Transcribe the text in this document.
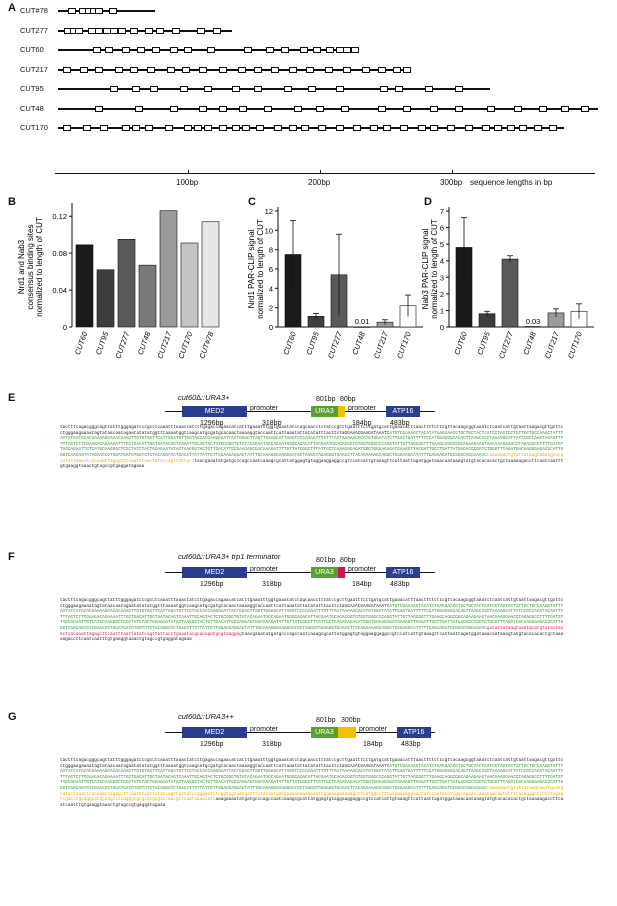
A CUT#78
CUT277
CUT60
CUT217
CUT95
CUT48
CUT170
100bp	200bp	300bp sequence lengths in bp
B	C	D
Nrd1 and Nab3 consensus binding sites normalized to length of CUT
0
0.04
0.08
0.12
CUT60 CUT95 CUT277 CUT48 CUT217 CUT170 CUT#78
Nrd1 PAR-CLIP signal normalized to length of CUT
0
2
4
6
8
10
12
CUT60 CUT95 CUT277
0.01
CUT48 CUT217 CUT170
Nab3 PAR-CLIP signal normalized to length of CUT
0
1
2
3
4
5
6
7
CUT60 CUT95 CUT277
0.03
CUT48 CUT217 CUT170
E	cut60∆::URA3+
MED2	promoter	URA3	promoter	ATP16
801bp 80bp
1296bp	318bp	184bp	483bp
tactttcagacgggcagttatttgggagatcccgcctcaaatttaaactatcttgagaccagaacatcatttgaaatttggtgaaatatccagcaacctctatccgcttgaatttcttgatgcattgaaacatttaacttttcttcgttacaagcggtaaatctcaatcattgtaattaagacgttgcttcctgggaagaaaatagtataacaatagaatatatatggtttaaaatggtcaagcatgcgatgcacaactaaaaggtaccaattcattaaatattatatatttacttctaGGAAACGAAGATAAATCATGTCGAAAGCTACATATAAGGAACGTGCTGCTACTCATCCTAGTCCTGTTGCTGCCAAGCTATTTAATATCATGCACGAAAAGCAAACAAACTTGTGTGCTTCATTGGATGTTCGTACCACCAAGGAATTACTGGAGTTAGTTGAAGCATTAGGTCCCAAAATTTGTTTACTAAAAACACATGTGGATATCTTGACTGATTTTTCCATGGAGGGCACAGTTAAGCCGCTAAAGGCATTATCCGCCAAGTACAATTTTTTACTCTTCGAAGACAGAAAATTTGCTGACATTGGTAATACAGTCAAATTGCAGTACTCTGCGGGTGTATACAGAATAGCAGAATGGGCAGACATTACGAATGCACACGGTGTGGTGGGCCCAGGTATTGTTAGCGGTTTGAAGCAGGCGGCAGAAGAAGTAACAAAGGAACCTAGAGGCCTTTTGATGTTAGCAGAATTGTCATGCAAGGGCTCCCTATCTACTGGAGAATATACTAAGGGTACTGTTGACATTGCGAAGAGCGACAAAGATTTTGTTATCGGCTTTATTGCTCAAAGAGACATGGGTGGAAGAGATGAAGGTTACGATTGGTTGATTATGACACCCGGTGTGGGTTTAGATGACAAGGGAGACGCATTGGGTCAACAGTATAGAACCGTGGATGATGTGGTCTCTACAGGATCTGACATTATTATTGTTGGAAGAGGACTATTTGCAAAGGGAAGGGATGCTAAGGTAGAGGGTGAACGTTACAGAAAAGCAGGCTGGGAAGCATATTTGAGAAGATGCGGCCAGCAAAACtaaaaaactgtattataagtaaatgcatgtatactaaactcacaaattagagcttcaatttaattatatcagttattacctaacgaaatatgatgcccagccaatcaaagcgcattatggagtgtaggaaggaggccgtccatcattgtaaagttcattaattagatggataaacaataaagtatgtacacacactgctaaaaagaccttcaatcaatttgtgaaggtaaactgtagccgtgaggatagaaa
F	cut60∆::URA3+ trp1 terminator
MED2	promoter	URA3	promoter	ATP16
801bp 80bp
1296bp	318bp	184bp	483bp
tactttcagacgggcagttatttgggagatcccgcctcaaatttaaactatcttgagaccagaacatcatttgaaatttggtgaaatatccagcaacctctatccgcttgaatttcttgatgcattgaaacatttaacttttcttcgttacaagcggtaaatctcaatcattgtaattaagacgttgcttcctgggaagaaaatagtataacaatagaatatatatggtttaaaatggtcaagcatgcgatgcacaactaaaaggtaccaattcattaaatattatatatttacttctaGGAAACGAAGATAAATCATGTCGAAAGCTACATATAAGGAACGTGCTGCTACTCATCCTAGTCCTGTTGCTGCCAAGCTATTTAATATCATGCACGAAAAGCAAACAAACTTGTGTGCTTCATTGGATGTTCGTACCACCAAGGAATTACTGGAGTTAGTTGAAGCATTAGGTCCCAAAATTTGTTTACTAAAAACACATGTGGATATCTTGACTGATTTTTCCATGGAGGGCACAGTTAAGCCGCTAAAGGCATTATCCGCCAAGTACAATTTTTTACTCTTCGAAGACAGAAAATTTGCTGACATTGGTAATACAGTCAAATTGCAGTACTCTGCGGGTGTATACAGAATAGCAGAATGGGCAGACATTACGAATGCACACGGTGTGGTGGGCCCAGGTATTGTTAGCGGTTTGAAGCAGGCGGCAGAAGAAGTAACAAAGGAACCTAGAGGCCTTTTGATGTTAGCAGAATTGTCATGCAAGGGCTCCCTATCTACTGGAGAATATACTAAGGGTACTGTTGACATTGCGAAGAGCGACAAAGATTTTGTTATCGGCTTTATTGCTCAAAGAGACATGGGTGGAAGAGATGAAGGTTACGATTGGTTGATTATGACACCCGGTGTGGGTTTAGATGACAAGGGAGACGCATTGGGTCAACAGTATAGAACCGTGGATGATGTGGTCTCTACAGGATCTGACATTATTATTGTTGGAAGAGGACTATTTGCAAAGGGAAGGGATGCTAAGGTAGAGGGTGAACGTTACAGAAAAGCAGGCTGGGAAGCATATTTGAGAAGATGCGGCCAGCAAAACgatattataagtaaatgcatgtatactaaactcacaaattagagcttcaatttaattatatcagttattacctgaaatacgcacagatgcgtaaggagtaacgaaatatgatgcccagccaatcaaagcgcattatggagtgtaggaaggaggccgtccatcattgtaaagttcattaattagatggataaacaataaagtatgtacacacactgctaaaaagaccttcaatcaatttgtgaaggtaaactgtagccgtgaggatagaaa
G	cut60∆::URA3++
MED2	promoter	URA3	promoter	ATP16
801bp 300bp
1296bp	318bp	184bp	483bp
tactttcagacgggcagttatttgggagatcccgcctcaaatttaaactatcttgagaccagaacatcatttgaaatttggtgaaatatccagcaacctctatccgcttgaatttcttgatgcattgaaacatttaacttttcttcgttacaagcggtaaatctcaatcattgtaattaagacgttgcttcctgggaagaaaatagtataacaatagaatatatatggtttaaaatggtcaagcatgcgatgcacaactaaaaggtaccaattcattaaatattatatatttacttctaGGAAACGAAGATAAATCATGTCGAAAGCTACATATAAGGAACGTGCTGCTACTCATCCTAGTCCTGTTGCTGCCAAGCTATTTAATATCATGCACGAAAAGCAAACAAACTTGTGTGCTTCATTGGATGTTCGTACCACCAAGGAATTACTGGAGTTAGTTGAAGCATTAGGTCCCAAAATTTGTTTACTAAAAACACATGTGGATATCTTGACTGATTTTTCCATGGAGGGCACAGTTAAGCCGCTAAAGGCATTATCCGCCAAGTACAATTTTTTACTCTTCGAAGACAGAAAATTTGCTGACATTGGTAATACAGTCAAATTGCAGTACTCTGCGGGTGTATACAGAATAGCAGAATGGGCAGACATTACGAATGCACACGGTGTGGTGGGCCCAGGTATTGTTAGCGGTTTGAAGCAGGCGGCAGAAGAAGTAACAAAGGAACCTAGAGGCCTTTTGATGTTAGCAGAATTGTCATGCAAGGGCTCCCTATCTACTGGAGAATATACTAAGGGTACTGTTGACATTGCGAAGAGCGACAAAGATTTTGTTATCGGCTTTATTGCTCAAAGAGACATGGGTGGAAGAGATGAAGGTTACGATTGGTTGATTATGACACCCGGTGTGGGTTTAGATGACAAGGGAGACGCATTGGGTCAACAGTATAGAACCGTGGATGATGTGGTCTCTACAGGATCTGACATTATTATTGTTGGAAGAGGACTATTTGCAAAGGGAAGGGATGCTAAGGTAGAGGGTGAACGTTACAGAAAAGCAGGCTGGGAAGCATATTTGAGAAGATGCGGCCAGCAAAACtaaaaaactgtattataagtaaatgcatgtatactaaactcacaaattagagcttcaatttaattatatcagttattacccgggaatctcggtcgtaatgatttctataatgacgaaaaaaaaaaaattggaaagaaaaagcttcatggcctttataaaaaggaactatccaatacctcgccagaaccaagtaacagtattttacagggatcctctagagtcgacctgcaggcatgcaagcttcagggcgcgcgcgagaccaacgctcaataaaatattaaagaaaatatgatgcccagccaatcaaagcgcattatggagtgtaggaaggaggccgtccatcattgtaaagttcattaattagatggataaacaataaagtatgtacacacactgctaaaaagaccttcaatcaatttgtgaaggtaaactgtagccgtgaggatagaaa
